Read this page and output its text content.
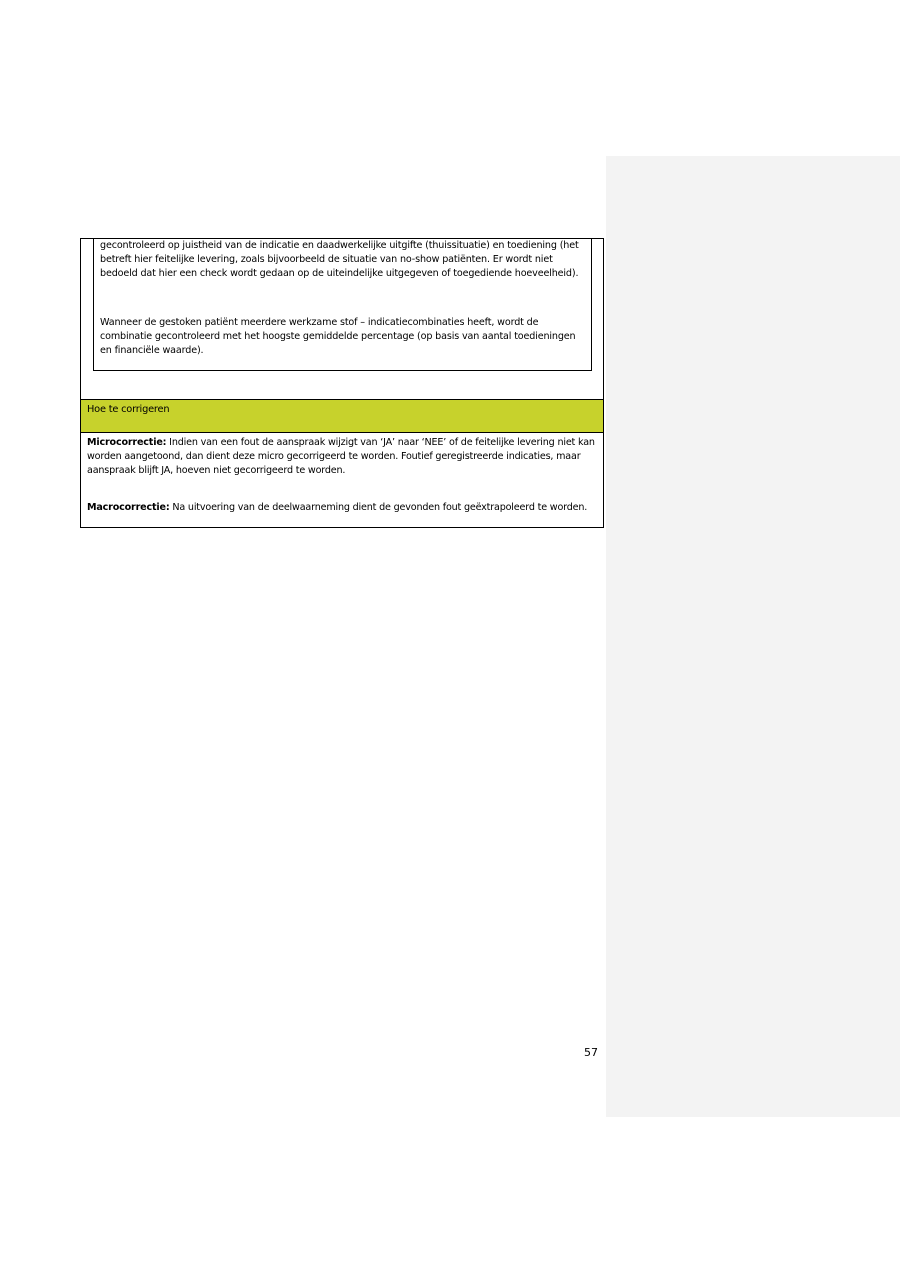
gecontroleerd op juistheid van de indicatie en daadwerkelijke uitgifte (thuissituatie) en toediening (het betreft hier feitelijke levering, zoals bijvoorbeeld de situatie van no-show patiënten. Er wordt niet bedoeld dat hier een check wordt gedaan op de uiteindelijke uitgegeven of toegediende hoeveelheid).

Wanneer de gestoken patiënt meerdere werkzame stof – indicatiecombinaties heeft, wordt de combinatie gecontroleerd met het hoogste gemiddelde percentage (op basis van aantal toedieningen en financiële waarde).

Hoe te corrigeren

Microcorrectie: Indien van een fout de aanspraak wijzigt van ‘JA’ naar ‘NEE’ of de feitelijke levering niet kan worden aangetoond, dan dient deze micro gecorrigeerd te worden. Foutief geregistreerde indicaties, maar aanspraak blijft JA, hoeven niet gecorrigeerd te worden.

Macrocorrectie: Na uitvoering van de deelwaarneming dient de gevonden fout geëxtrapoleerd te worden.

57
